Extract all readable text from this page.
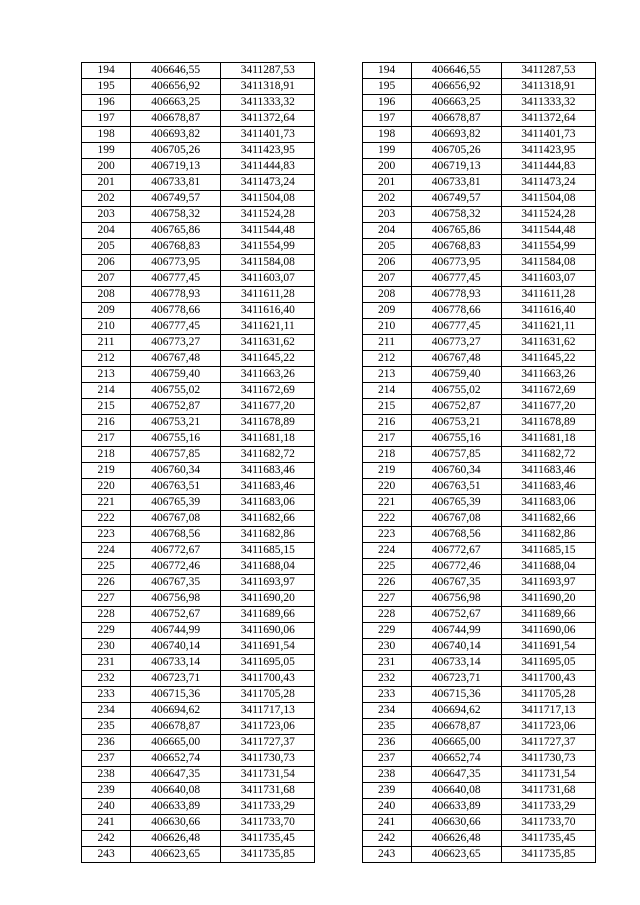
194	406646,55	3411287,53		194	406646,55	3411287,53
195	406656,92	3411318,91		195	406656,92	3411318,91
196	406663,25	3411333,32		196	406663,25	3411333,32
197	406678,87	3411372,64		197	406678,87	3411372,64
198	406693,82	3411401,73		198	406693,82	3411401,73
199	406705,26	3411423,95		199	406705,26	3411423,95
200	406719,13	3411444,83		200	406719,13	3411444,83
201	406733,81	3411473,24		201	406733,81	3411473,24
202	406749,57	3411504,08		202	406749,57	3411504,08
203	406758,32	3411524,28		203	406758,32	3411524,28
204	406765,86	3411544,48		204	406765,86	3411544,48
205	406768,83	3411554,99		205	406768,83	3411554,99
206	406773,95	3411584,08		206	406773,95	3411584,08
207	406777,45	3411603,07		207	406777,45	3411603,07
208	406778,93	3411611,28		208	406778,93	3411611,28
209	406778,66	3411616,40		209	406778,66	3411616,40
210	406777,45	3411621,11		210	406777,45	3411621,11
211	406773,27	3411631,62		211	406773,27	3411631,62
212	406767,48	3411645,22		212	406767,48	3411645,22
213	406759,40	3411663,26		213	406759,40	3411663,26
214	406755,02	3411672,69		214	406755,02	3411672,69
215	406752,87	3411677,20		215	406752,87	3411677,20
216	406753,21	3411678,89		216	406753,21	3411678,89
217	406755,16	3411681,18		217	406755,16	3411681,18
218	406757,85	3411682,72		218	406757,85	3411682,72
219	406760,34	3411683,46		219	406760,34	3411683,46
220	406763,51	3411683,46		220	406763,51	3411683,46
221	406765,39	3411683,06		221	406765,39	3411683,06
222	406767,08	3411682,66		222	406767,08	3411682,66
223	406768,56	3411682,86		223	406768,56	3411682,86
224	406772,67	3411685,15		224	406772,67	3411685,15
225	406772,46	3411688,04		225	406772,46	3411688,04
226	406767,35	3411693,97		226	406767,35	3411693,97
227	406756,98	3411690,20		227	406756,98	3411690,20
228	406752,67	3411689,66		228	406752,67	3411689,66
229	406744,99	3411690,06		229	406744,99	3411690,06
230	406740,14	3411691,54		230	406740,14	3411691,54
231	406733,14	3411695,05		231	406733,14	3411695,05
232	406723,71	3411700,43		232	406723,71	3411700,43
233	406715,36	3411705,28		233	406715,36	3411705,28
234	406694,62	3411717,13		234	406694,62	3411717,13
235	406678,87	3411723,06		235	406678,87	3411723,06
236	406665,00	3411727,37		236	406665,00	3411727,37
237	406652,74	3411730,73		237	406652,74	3411730,73
238	406647,35	3411731,54		238	406647,35	3411731,54
239	406640,08	3411731,68		239	406640,08	3411731,68
240	406633,89	3411733,29		240	406633,89	3411733,29
241	406630,66	3411733,70		241	406630,66	3411733,70
242	406626,48	3411735,45		242	406626,48	3411735,45
243	406623,65	3411735,85		243	406623,65	3411735,85
